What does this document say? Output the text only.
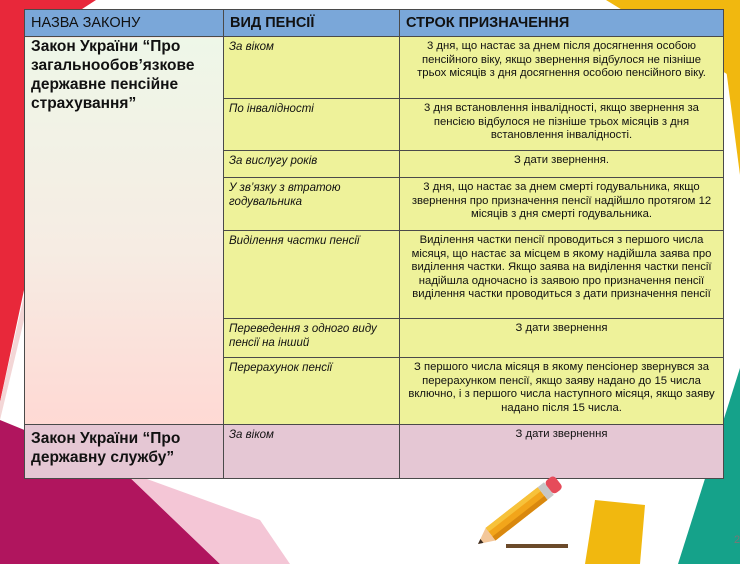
НАЗВА ЗАКОНУ	ВИД ПЕНСІЇ	СТРОК ПРИЗНАЧЕННЯ
Закон України “Про загальнообов’язкове державне пенсійне страхування”	За віком	3 дня, що настає за днем після досягнення особою пенсійного віку, якщо звернення відбулося не пізніше трьох місяців з дня досягнення особою пенсійного віку.
	По інвалідності	3 дня встановлення інвалідності, якщо звернення за пенсією відбулося не пізніше трьох місяців з дня встановлення інвалідності.
	За вислугу років	З дати звернення.
	У зв’язку з втратою годувальника	3 дня, що настає за днем смерті годувальника, якщо звернення про призначення пенсії надійшло протягом 12 місяців з дня смерті годувальника.
	Виділення частки пенсії	Виділення частки пенсії проводиться з першого числа місяця, що настає за місцем в якому надійшла заява про виділення частки. Якщо заява на виділення частки пенсії надійшла одночасно із заявою про призначення пенсії виділення частки проводиться з дати призначення пенсії
	Переведення з одного виду пенсії на інший	З дати звернення
	Перерахунок пенсії	З першого числа місяця в якому пенсіонер звернувся за перерахунком пенсії, якщо заяву надано до 15 числа включно, і з першого числа наступного місяця, якщо заяву надано після 15 числа.
Закон України “Про державну службу”	За віком	З дати звернення
2
